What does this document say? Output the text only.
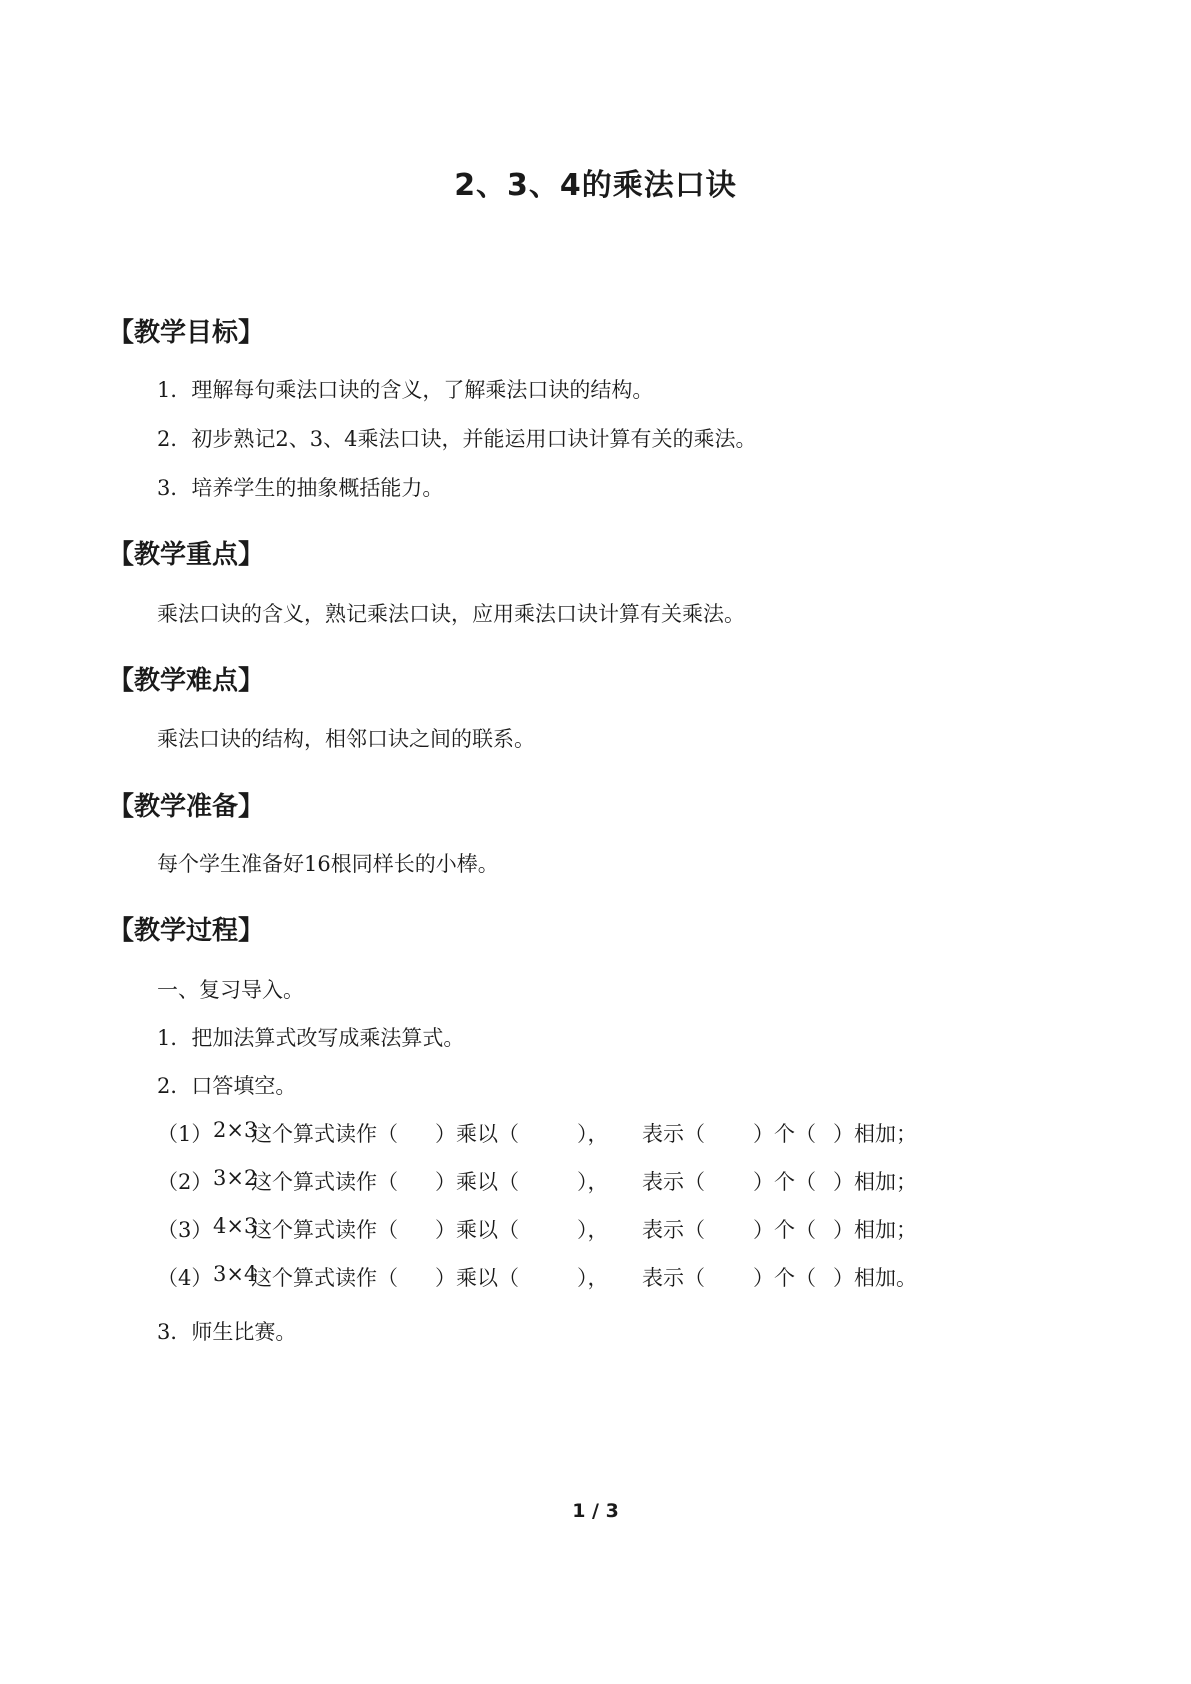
2、3、4的乘法口诀
【教学目标】

1．理解每句乘法口诀的含义，了解乘法口诀的结构。

2．初步熟记2、3、4乘法口诀，并能运用口诀计算有关的乘法。

3．培养学生的抽象概括能力。

【教学重点】

乘法口诀的含义，熟记乘法口诀，应用乘法口诀计算有关乘法。

【教学难点】

乘法口诀的结构，相邻口诀之间的联系。

【教学准备】

每个学生准备好16根同样长的小棒。

【教学过程】

一、复习导入。

1．把加法算式改写成乘法算式。

2．口答填空。

（1） 2×3
这个算式读作（	）乘以（	），	表示（	）个（ ）相加；
（2） 3×2
这个算式读作（	）乘以（	），	表示（	）个（ ）相加；
（3） 4×3
这个算式读作（	）乘以（	），	表示（	）个（ ）相加；
（4） 3×4
这个算式读作（	）乘以（	），	表示（	）个（ ）相加。

3．师生比赛。

1 / 3
